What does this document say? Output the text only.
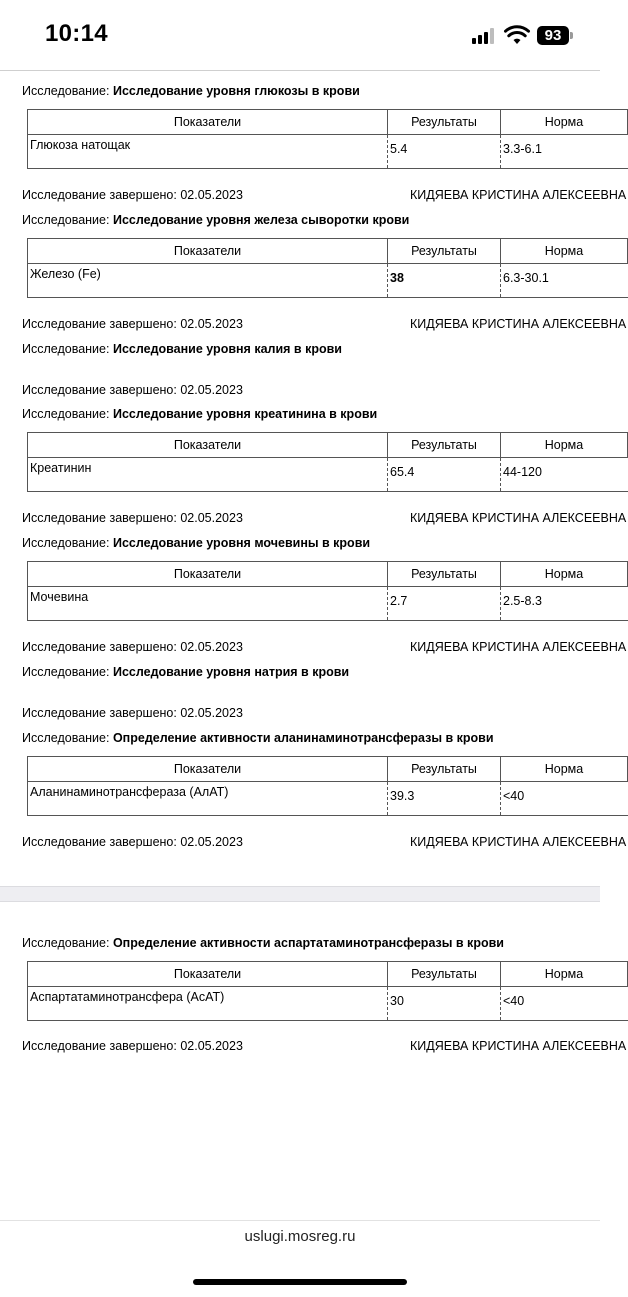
10:14	93
Исследование: Исследование уровня глюкозы в крови
Показатели	Результаты	Норма
Глюкоза натощак	5.4	3.3-6.1
Исследование завершено: 02.05.2023	КИДЯЕВА КРИСТИНА АЛЕКСЕЕВНА
Исследование: Исследование уровня железа сыворотки крови
Показатели	Результаты	Норма
Железо (Fe)	38	6.3-30.1
Исследование завершено: 02.05.2023	КИДЯЕВА КРИСТИНА АЛЕКСЕЕВНА
Исследование: Исследование уровня калия в крови
Исследование завершено: 02.05.2023
Исследование: Исследование уровня креатинина в крови
Показатели	Результаты	Норма
Креатинин	65.4	44-120
Исследование завершено: 02.05.2023	КИДЯЕВА КРИСТИНА АЛЕКСЕЕВНА
Исследование: Исследование уровня мочевины в крови
Показатели	Результаты	Норма
Мочевина	2.7	2.5-8.3
Исследование завершено: 02.05.2023	КИДЯЕВА КРИСТИНА АЛЕКСЕЕВНА
Исследование: Исследование уровня натрия в крови
Исследование завершено: 02.05.2023
Исследование: Определение активности аланинаминотрансферазы в крови
Показатели	Результаты	Норма
Аланинаминотрансфераза (АлАТ)	39.3	<40
Исследование завершено: 02.05.2023	КИДЯЕВА КРИСТИНА АЛЕКСЕЕВНА
Исследование: Определение активности аспартатаминотрансферазы в крови
Показатели	Результаты	Норма
Аспартатаминотрансфера (АсАТ)	30	<40
Исследование завершено: 02.05.2023	КИДЯЕВА КРИСТИНА АЛЕКСЕЕВНА
uslugi.mosreg.ru
